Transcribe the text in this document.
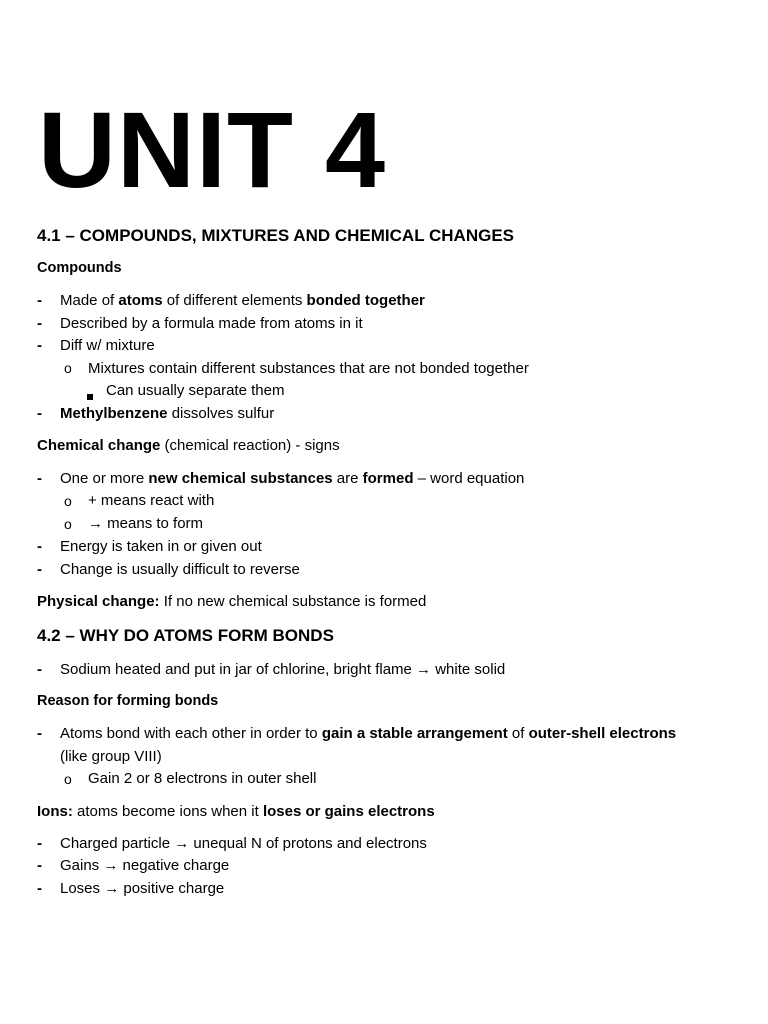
UNIT 4
4.1 – COMPOUNDS, MIXTURES AND CHEMICAL CHANGES
Compounds
- Made of atoms of different elements bonded together
- Described by a formula made from atoms in it
- Diff w/ mixture
o Mixtures contain different substances that are not bonded together
Can usually separate them
- Methylbenzene dissolves sulfur
Chemical change (chemical reaction) - signs
- One or more new chemical substances are formed – word equation
o + means react with
o → means to form
- Energy is taken in or given out
- Change is usually difficult to reverse
Physical change: If no new chemical substance is formed
4.2 – WHY DO ATOMS FORM BONDS
- Sodium heated and put in jar of chlorine, bright flame → white solid
Reason for forming bonds
- Atoms bond with each other in order to gain a stable arrangement of outer-shell electrons
(like group VIII)
o Gain 2 or 8 electrons in outer shell
Ions: atoms become ions when it loses or gains electrons
- Charged particle → unequal N of protons and electrons
- Gains → negative charge
- Loses → positive charge
